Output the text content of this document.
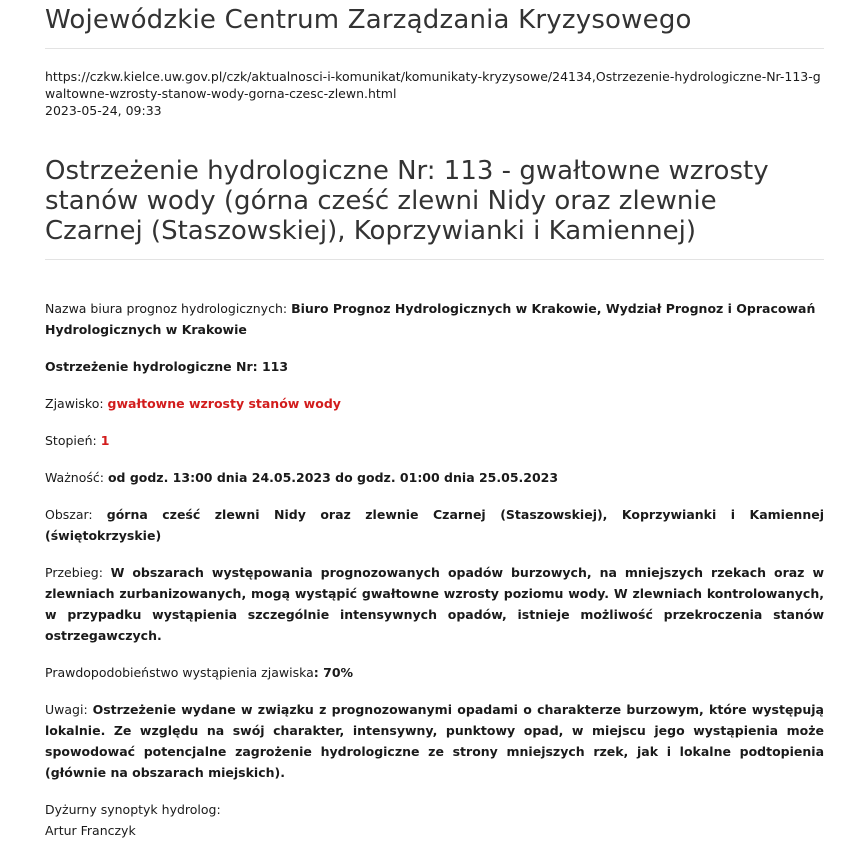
Wojewódzkie Centrum Zarządzania Kryzysowego
https://czkw.kielce.uw.gov.pl/czk/aktualnosci-i-komunikat/komunikaty-kryzysowe/24134,Ostrzezenie-hydrologiczne-Nr-113-gwaltowne-wzrosty-stanow-wody-gorna-czesc-zlewn.html
2023-05-24, 09:33
Ostrzeżenie hydrologiczne Nr: 113 - gwałtowne wzrosty stanów wody (górna cześć zlewni Nidy oraz zlewnie Czarnej (Staszowskiej), Koprzywianki i Kamiennej)

Nazwa biura prognoz hydrologicznych: Biuro Prognoz Hydrologicznych w Krakowie, Wydział Prognoz i Opracowań Hydrologicznych w Krakowie

Ostrzeżenie hydrologiczne Nr: 113

Zjawisko: gwałtowne wzrosty stanów wody

Stopień: 1

Ważność: od godz. 13:00 dnia 24.05.2023 do godz. 01:00 dnia 25.05.2023

Obszar: górna cześć zlewni Nidy oraz zlewnie Czarnej (Staszowskiej), Koprzywianki i Kamiennej (świętokrzyskie)

Przebieg: W obszarach występowania prognozowanych opadów burzowych, na mniejszych rzekach oraz w zlewniach zurbanizowanych, mogą wystąpić gwałtowne wzrosty poziomu wody. W zlewniach kontrolowanych, w przypadku wystąpienia szczególnie intensywnych opadów, istnieje możliwość przekroczenia stanów ostrzegawczych.

Prawdopodobieństwo wystąpienia zjawiska: 70%

Uwagi: Ostrzeżenie wydane w związku z prognozowanymi opadami o charakterze burzowym, które występują lokalnie. Ze względu na swój charakter, intensywny, punktowy opad, w miejscu jego wystąpienia może spowodować potencjalne zagrożenie hydrologiczne ze strony mniejszych rzek, jak i lokalne podtopienia (głównie na obszarach miejskich).

Dyżurny synoptyk hydrolog:
Artur Franczyk
